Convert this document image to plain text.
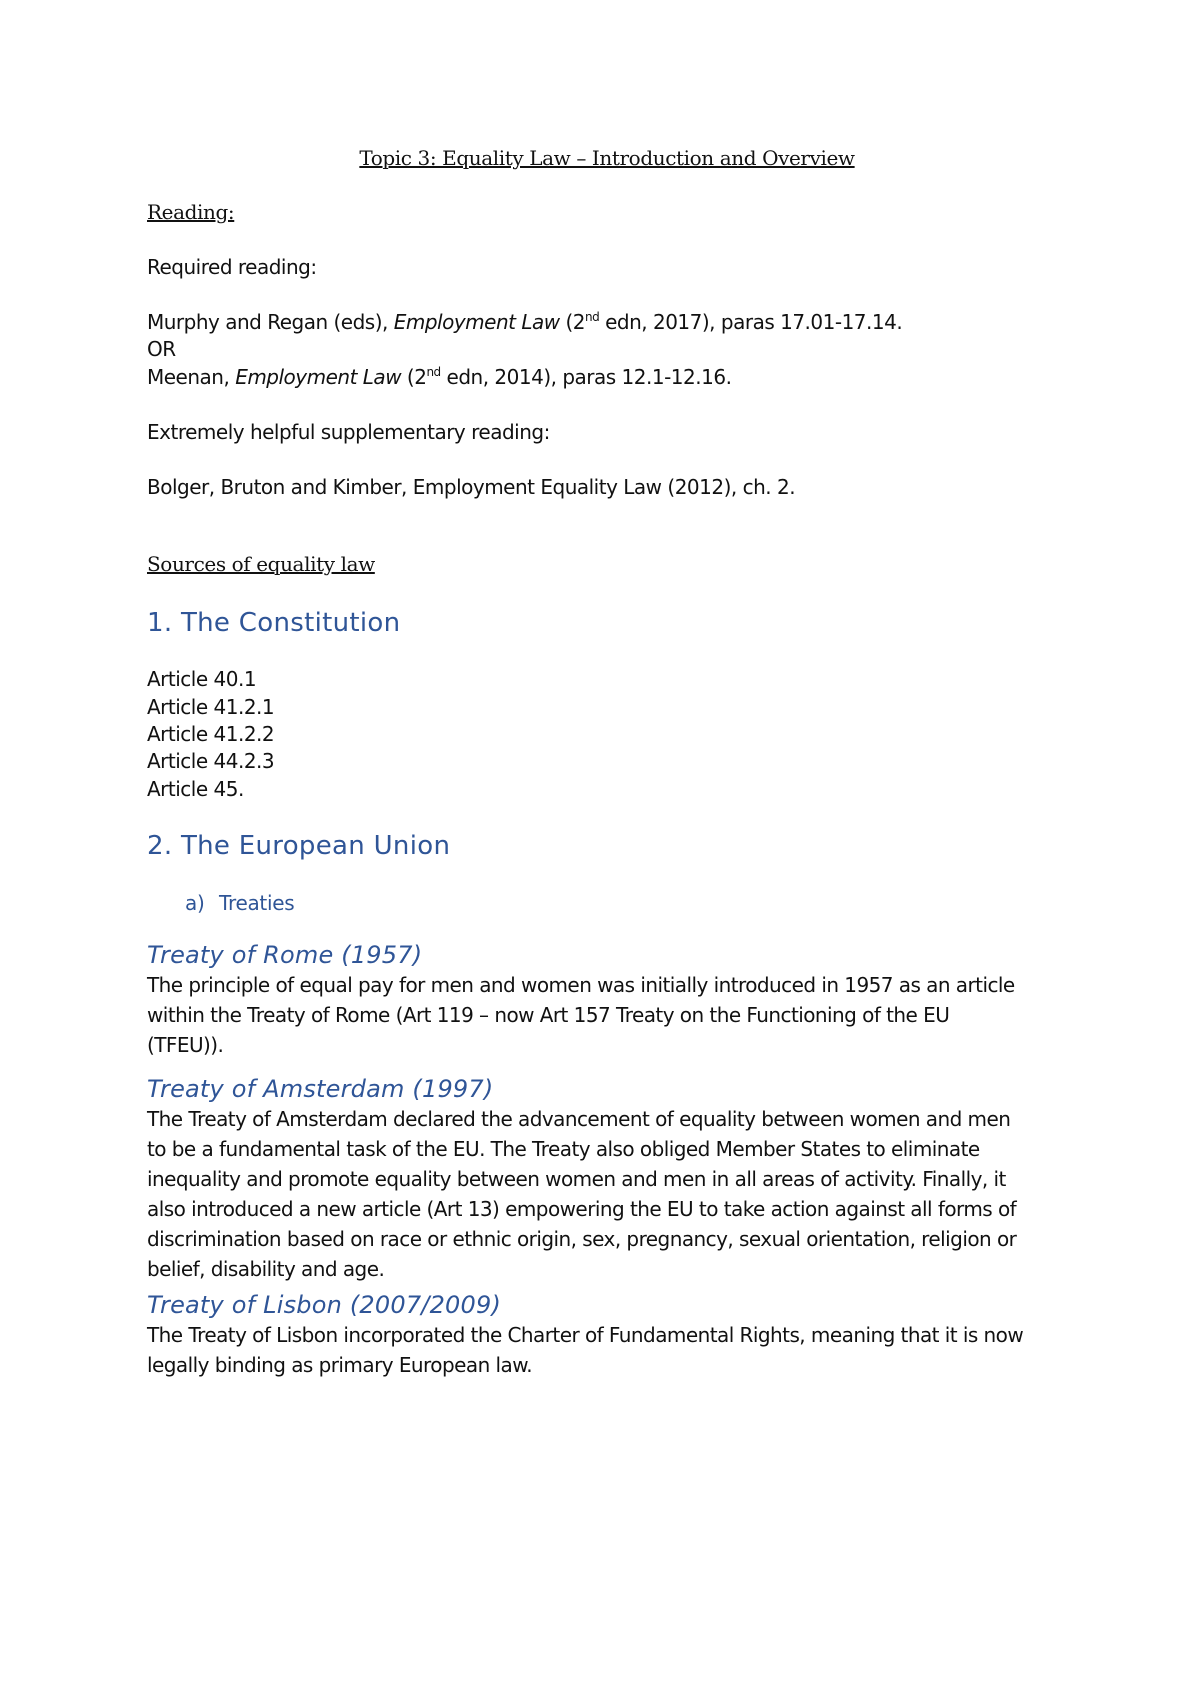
Topic 3: Equality Law – Introduction and Overview
Reading:
Required reading:
Murphy and Regan (eds), Employment Law (2nd edn, 2017), paras 17.01-17.14.
OR
Meenan, Employment Law (2nd edn, 2014), paras 12.1-12.16.
Extremely helpful supplementary reading:
Bolger, Bruton and Kimber, Employment Equality Law (2012), ch. 2.
Sources of equality law
1. The Constitution
Article 40.1
Article 41.2.1
Article 41.2.2
Article 44.2.3
Article 45.
2. The European Union
a) Treaties
Treaty of Rome (1957)
The principle of equal pay for men and women was initially introduced in 1957 as an article
within the Treaty of Rome (Art 119 – now Art 157 Treaty on the Functioning of the EU
(TFEU)).
Treaty of Amsterdam (1997)
The Treaty of Amsterdam declared the advancement of equality between women and men
to be a fundamental task of the EU. The Treaty also obliged Member States to eliminate
inequality and promote equality between women and men in all areas of activity. Finally, it
also introduced a new article (Art 13) empowering the EU to take action against all forms of
discrimination based on race or ethnic origin, sex, pregnancy, sexual orientation, religion or
belief, disability and age.
Treaty of Lisbon (2007/2009)
The Treaty of Lisbon incorporated the Charter of Fundamental Rights, meaning that it is now
legally binding as primary European law.
